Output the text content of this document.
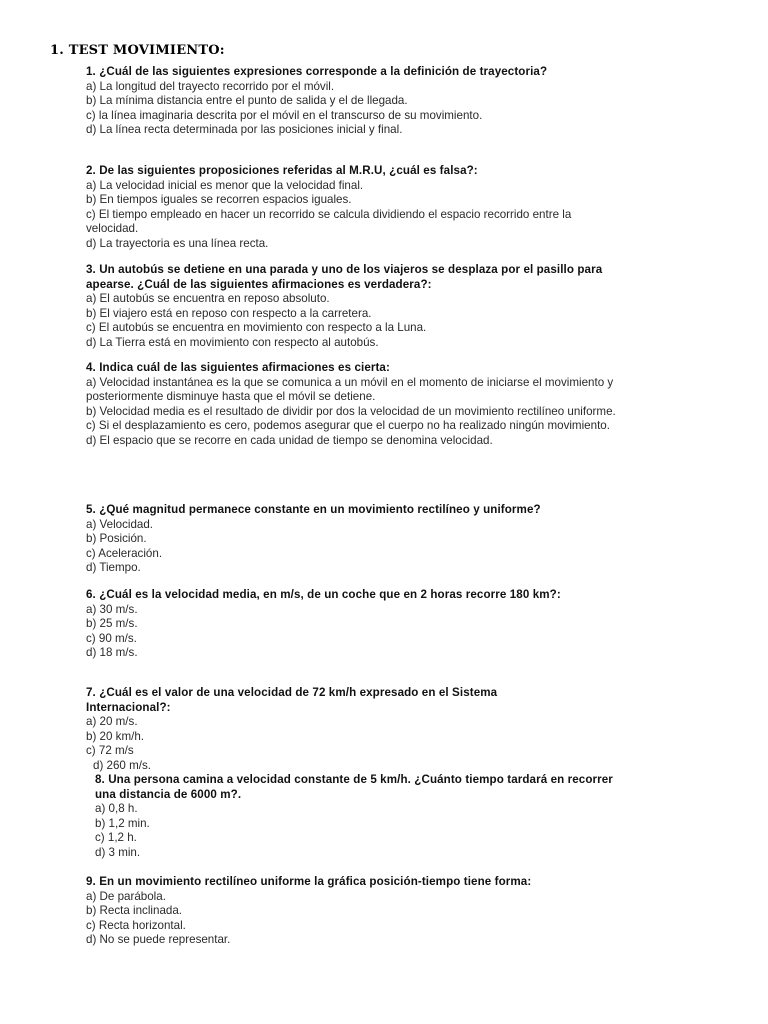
1. TEST MOVIMIENTO:
1. ¿Cuál de las siguientes expresiones corresponde a la definición de trayectoria?
a) La longitud del trayecto recorrido por el móvil.
b) La mínima distancia entre el punto de salida y el de llegada.
c) la línea imaginaria descrita por el móvil en el transcurso de su movimiento.
d) La línea recta determinada por las posiciones inicial y final.
2. De las siguientes proposiciones referidas al M.R.U, ¿cuál es falsa?:
a) La velocidad inicial es menor que la velocidad final.
b) En tiempos iguales se recorren espacios iguales.
c) El tiempo empleado en hacer un recorrido se calcula dividiendo el espacio recorrido entre la velocidad.
d) La trayectoria es una línea recta.
3. Un autobús se detiene en una parada y uno de los viajeros se desplaza por el pasillo para apearse. ¿Cuál de las siguientes afirmaciones es verdadera?:
a) El autobús se encuentra en reposo absoluto.
b) El viajero está en reposo con respecto a la carretera.
c) El autobús se encuentra en movimiento con respecto a la Luna.
d) La Tierra está en movimiento con respecto al autobús.
4. Indica cuál de las siguientes afirmaciones es cierta:
a) Velocidad instantánea es la que se comunica a un móvil en el momento de iniciarse el movimiento y posteriormente disminuye hasta que el móvil se detiene.
b) Velocidad media es el resultado de dividir por dos la velocidad de un movimiento rectilíneo uniforme.
c) Si el desplazamiento es cero, podemos asegurar que el cuerpo no ha realizado ningún movimiento.
d) El espacio que se recorre en cada unidad de tiempo se denomina velocidad.
5. ¿Qué magnitud permanece constante en un movimiento rectilíneo y uniforme?
a) Velocidad.
b) Posición.
c) Aceleración.
d) Tiempo.
6. ¿Cuál es la velocidad media, en m/s, de un coche que en 2 horas recorre 180 km?:
a) 30 m/s.
b) 25 m/s.
c) 90 m/s.
d) 18 m/s.
7. ¿Cuál es el valor de una velocidad de 72 km/h expresado en el Sistema Internacional?:
a) 20 m/s.
b) 20 km/h.
c) 72 m/s
d) 260 m/s.
8. Una persona camina a velocidad constante de 5 km/h. ¿Cuánto tiempo tardará en recorrer una distancia de 6000 m?.
a) 0,8 h.
b) 1,2 min.
c) 1,2 h.
d) 3 min.
9. En un movimiento rectilíneo uniforme la gráfica posición-tiempo tiene forma:
a) De parábola.
b) Recta inclinada.
c) Recta horizontal.
d) No se puede representar.
